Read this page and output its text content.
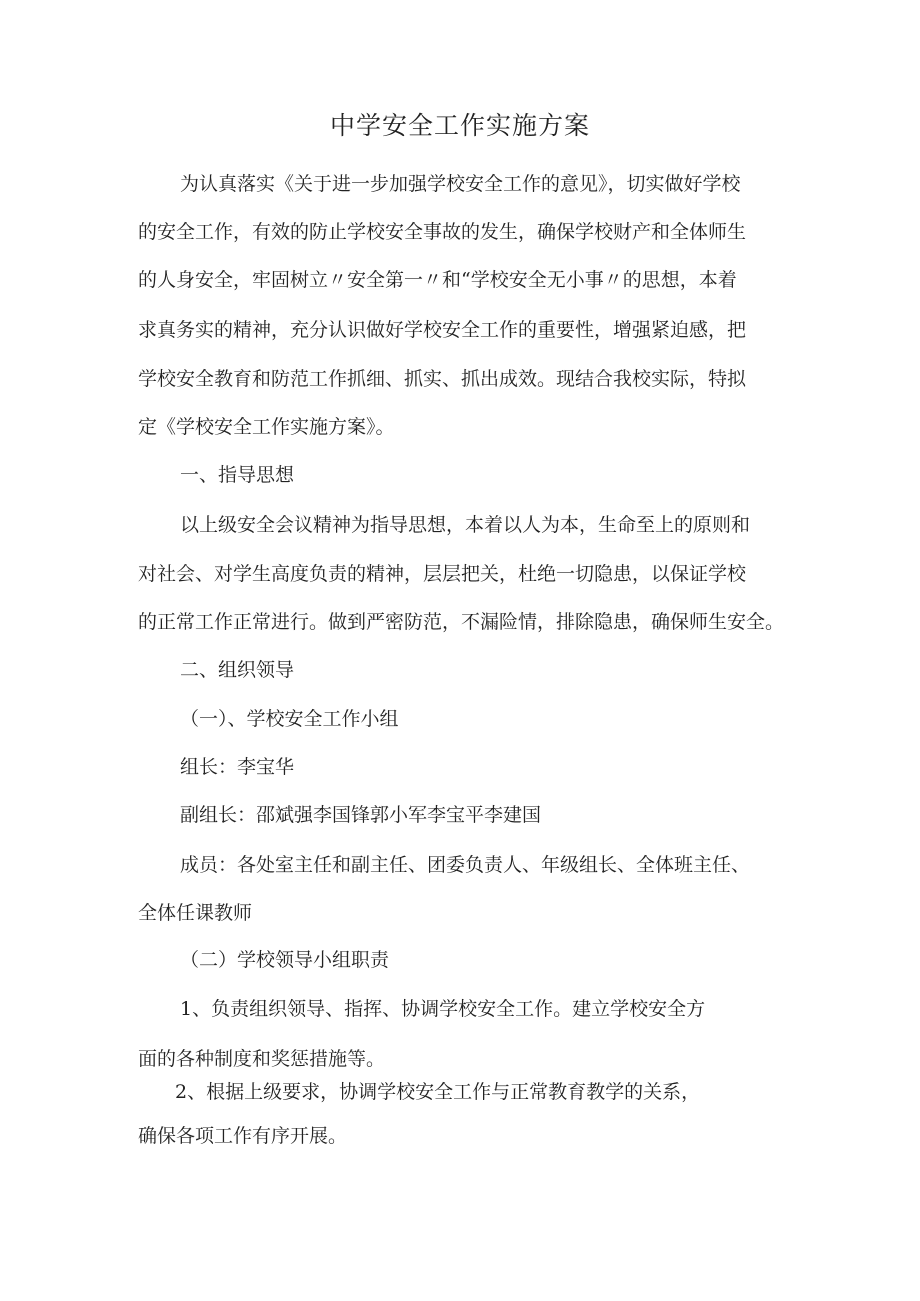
中学安全工作实施方案

为认真落实《关于进一步加强学校安全工作的意见》，切实做好学校

的安全工作，有效的防止学校安全事故的发生，确保学校财产和全体师生

的人身安全，牢固树立〃安全第一〃和“学校安全无小事〃的思想，本着

求真务实的精神，充分认识做好学校安全工作的重要性，增强紧迫感，把

学校安全教育和防范工作抓细、抓实、抓出成效。现结合我校实际，特拟

定《学校安全工作实施方案》。

一、指导思想

以上级安全会议精神为指导思想，本着以人为本，生命至上的原则和

对社会、对学生高度负责的精神，层层把关，杜绝一切隐患，以保证学校

的正常工作正常进行。做到严密防范，不漏险情，排除隐患，确保师生安全。

二、组织领导

（一）、学校安全工作小组

组长：李宝华

副组长：邵斌强李国锋郭小军李宝平李建国

成员：各处室主任和副主任、团委负责人、年级组长、全体班主任、

全体任课教师

（二）学校领导小组职责

1、负责组织领导、指挥、协调学校安全工作。建立学校安全方

面的各种制度和奖惩措施等。

2、根据上级要求，协调学校安全工作与正常教育教学的关系，

确保各项工作有序开展。
